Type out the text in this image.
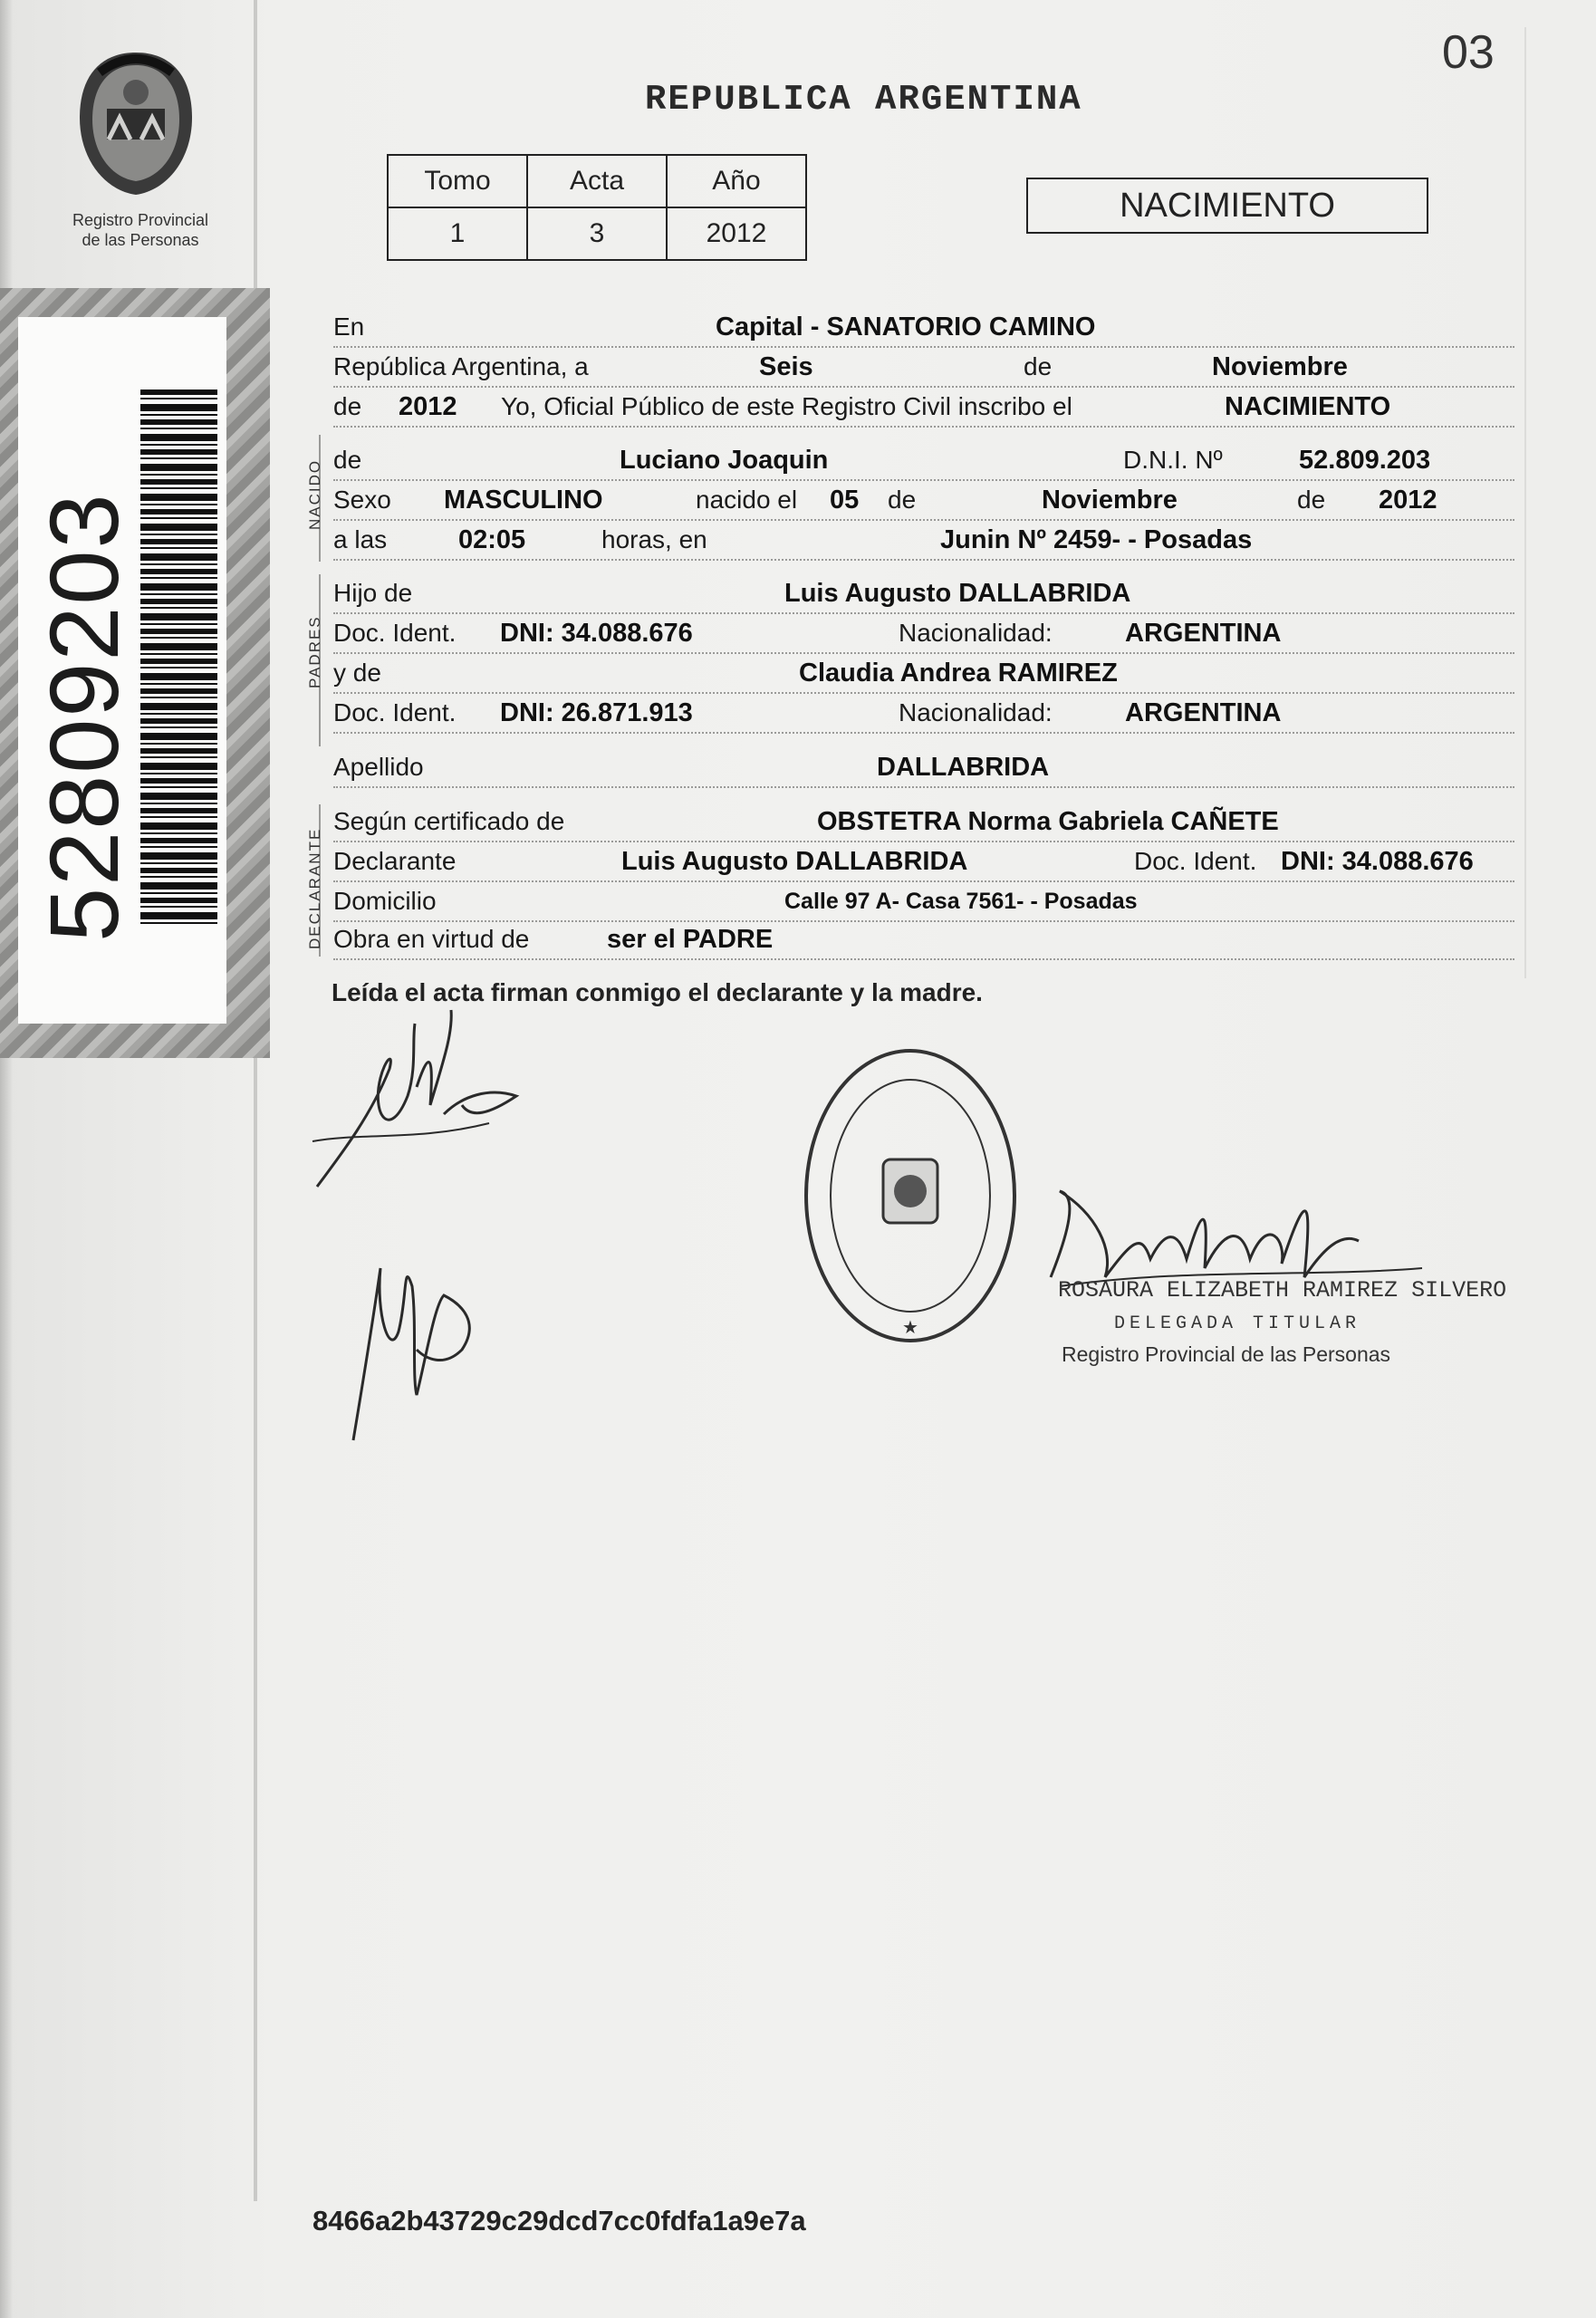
03
Registro Provincial
de las Personas
52809203
REPUBLICA ARGENTINA
Tomo	Acta	Año
1	3	2012
NACIMIENTO
En	Capital - SANATORIO CAMINO
República Argentina, a	Seis	de	Noviembre
de 2012 Yo, Oficial Público de este Registro Civil inscribo el	NACIMIENTO
NACIDO de	Luciano Joaquin	D.N.I. Nº	52.809.203
Sexo MASCULINO	nacido el 05 de	Noviembre	de 2012
a las	02:05	horas, en	Junin Nº 2459- - Posadas
PADRES
Hijo de	Luis Augusto DALLABRIDA
Doc. Ident. DNI: 34.088.676	Nacionalidad:	ARGENTINA
y de	Claudia Andrea RAMIREZ
Doc. Ident. DNI: 26.871.913	Nacionalidad:	ARGENTINA
Apellido	DALLABRIDA
DECLARANTE
Según certificado de	OBSTETRA Norma Gabriela CAÑETE
Declarante	Luis Augusto DALLABRIDA	Doc. Ident. DNI: 34.088.676
Domicilio	Calle 97 A- Casa 7561- - Posadas
Obra en virtud de	ser el PADRE
Leída el acta firman conmigo el declarante y la madre.
★
ROSAURA ELIZABETH RAMIREZ SILVERO
DELEGADA TITULAR
Registro Provincial de las Personas
8466a2b43729c29dcd7cc0fdfa1a9e7a
